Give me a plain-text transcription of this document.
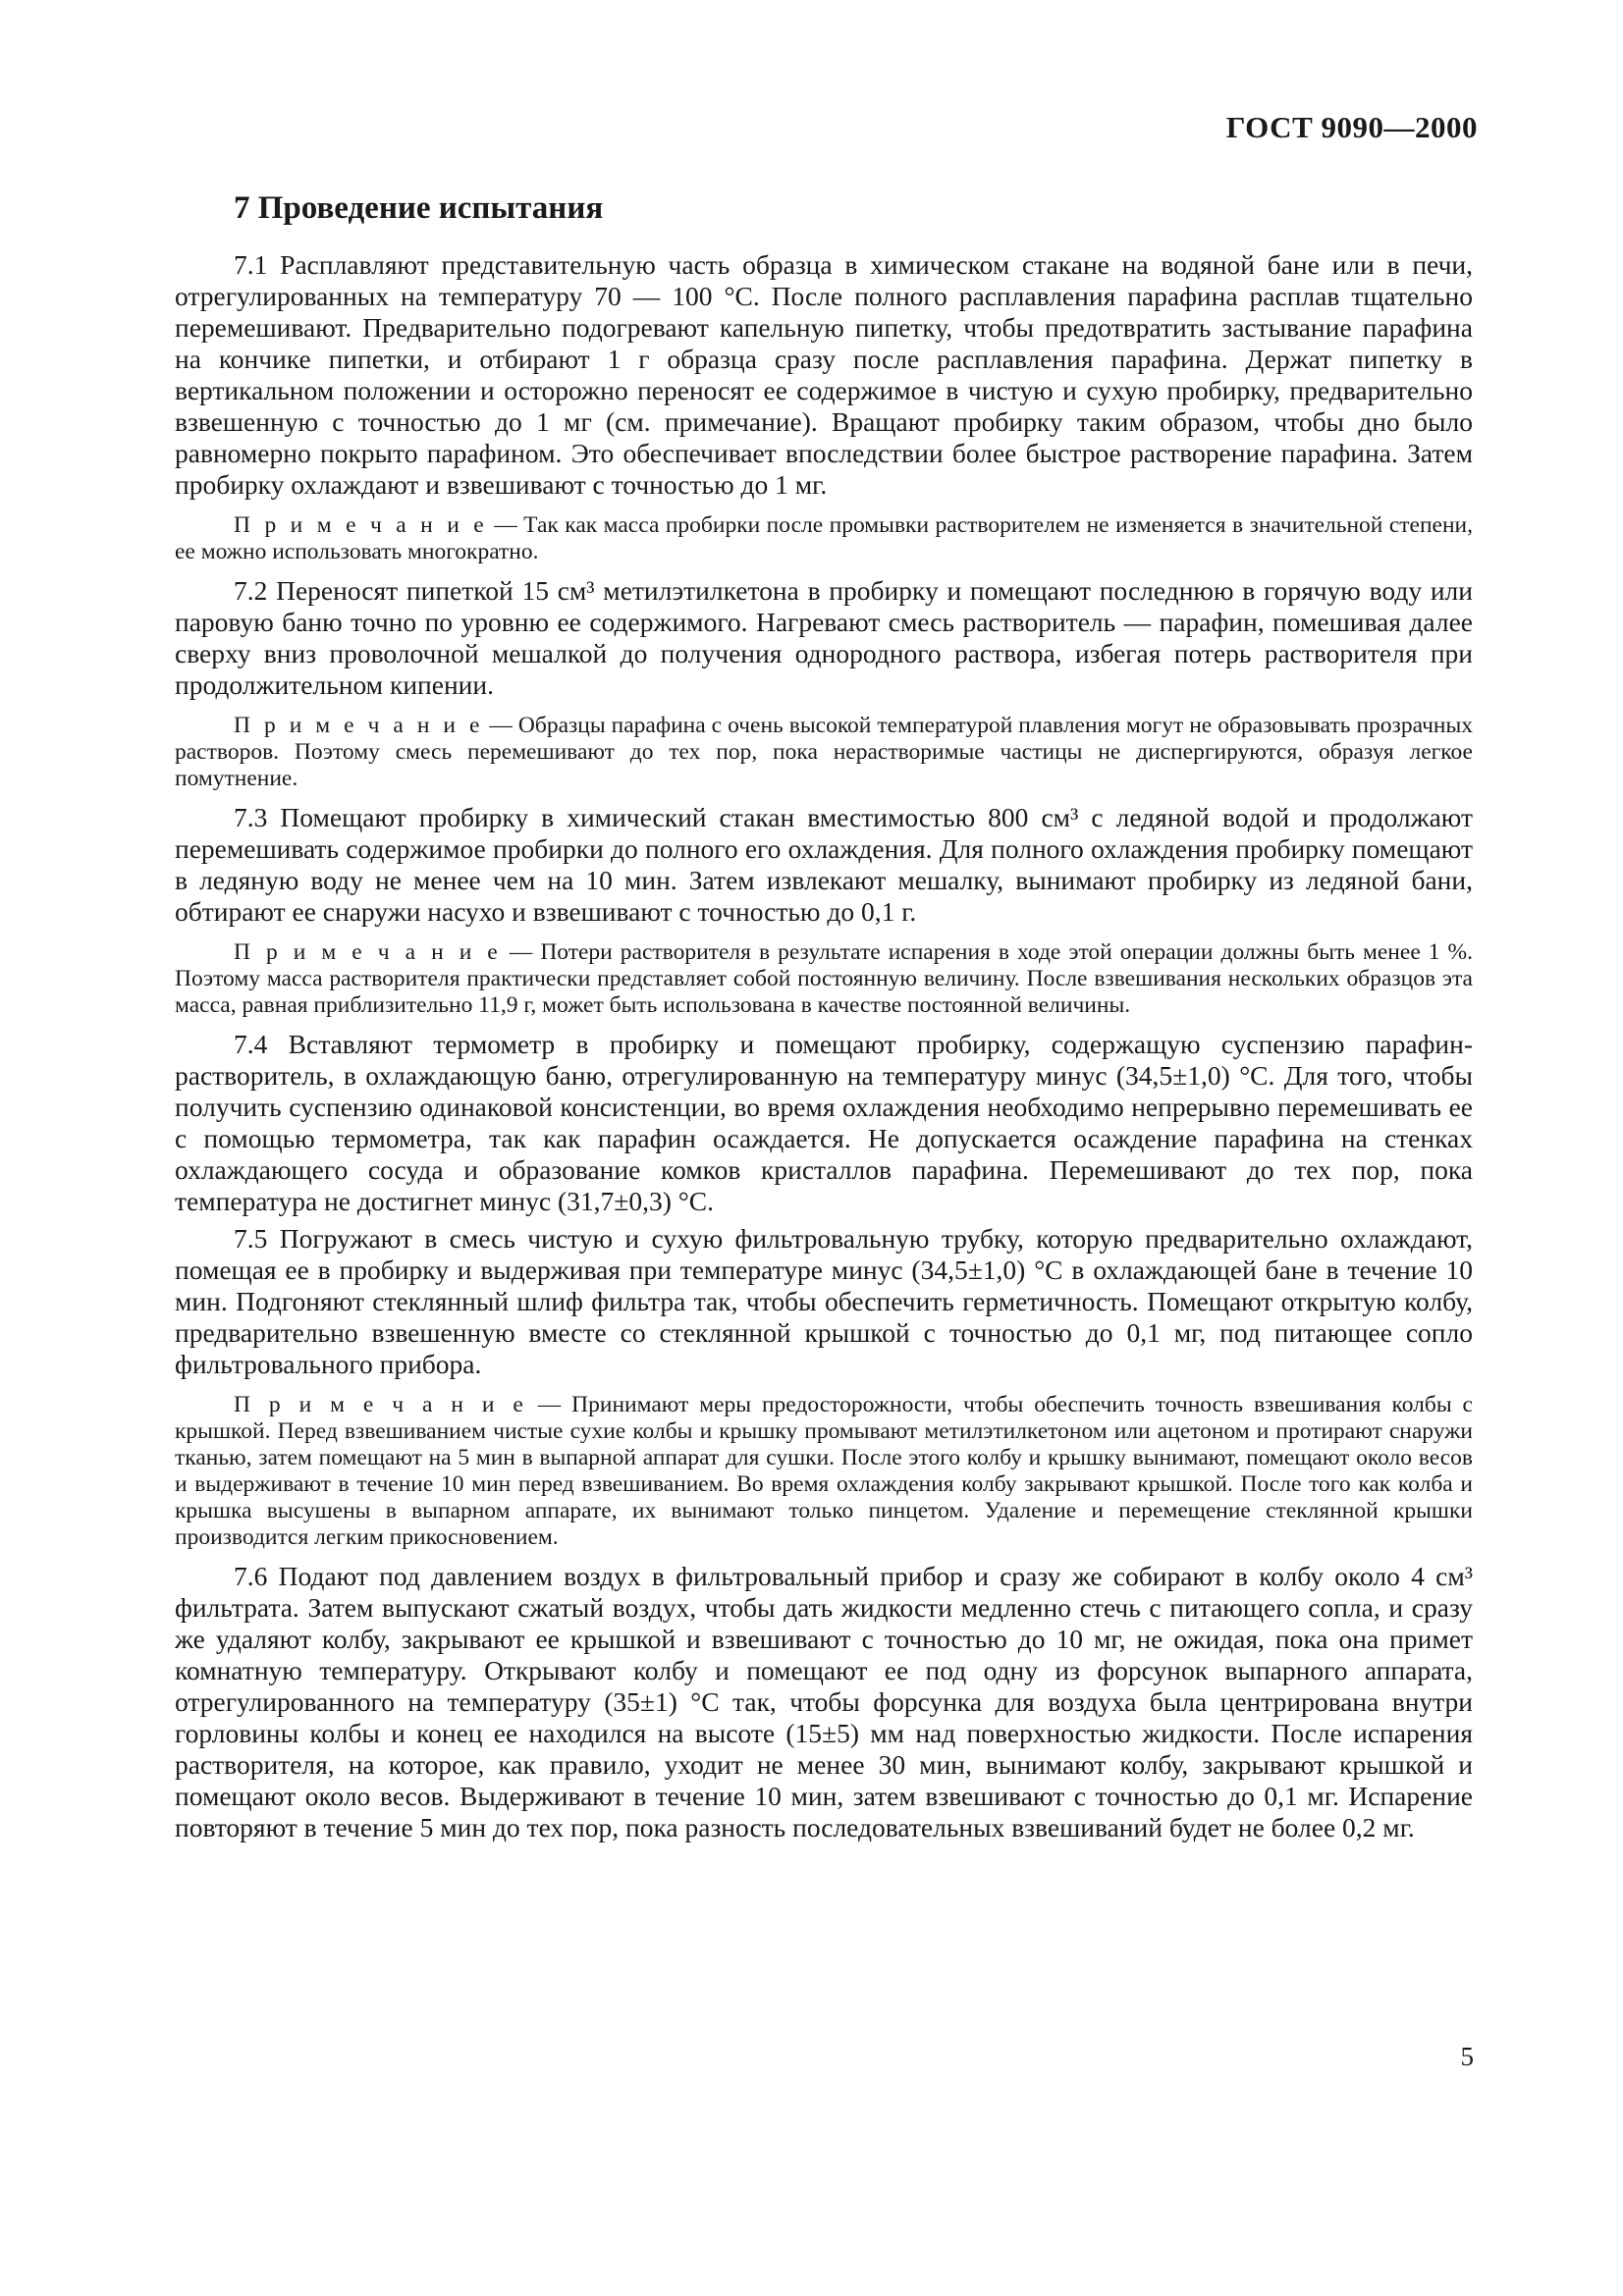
ГОСТ 9090—2000
7 Проведение испытания

7.1 Расплавляют представительную часть образца в химическом стакане на водяной бане или в печи, отрегулированных на температуру 70 — 100 °С. После полного расплавления парафина расплав тщательно перемешивают. Предварительно подогревают капельную пипетку, чтобы предотвратить застывание парафина на кончике пипетки, и отбирают 1 г образца сразу после расплавления парафина. Держат пипетку в вертикальном положении и осторожно переносят ее содержимое в чистую и сухую пробирку, предварительно взвешенную с точностью до 1 мг (см. примечание). Вращают пробирку таким образом, чтобы дно было равномерно покрыто парафином. Это обеспечивает впоследствии более быстрое растворение парафина. Затем пробирку охлаждают и взвешивают с точностью до 1 мг.

П р и м е ч а н и е — Так как масса пробирки после промывки растворителем не изменяется в значительной степени, ее можно использовать многократно.

7.2 Переносят пипеткой 15 см³ метилэтилкетона в пробирку и помещают последнюю в горячую воду или паровую баню точно по уровню ее содержимого. Нагревают смесь растворитель — парафин, помешивая далее сверху вниз проволочной мешалкой до получения однородного раствора, избегая потерь растворителя при продолжительном кипении.

П р и м е ч а н и е — Образцы парафина с очень высокой температурой плавления могут не образовывать прозрачных растворов. Поэтому смесь перемешивают до тех пор, пока нерастворимые частицы не диспергируются, образуя легкое помутнение.

7.3 Помещают пробирку в химический стакан вместимостью 800 см³ с ледяной водой и продолжают перемешивать содержимое пробирки до полного его охлаждения. Для полного охлаждения пробирку помещают в ледяную воду не менее чем на 10 мин. Затем извлекают мешалку, вынимают пробирку из ледяной бани, обтирают ее снаружи насухо и взвешивают с точностью до 0,1 г.

П р и м е ч а н и е — Потери растворителя в результате испарения в ходе этой операции должны быть менее 1 %. Поэтому масса растворителя практически представляет собой постоянную величину. После взвешивания нескольких образцов эта масса, равная приблизительно 11,9 г, может быть использована в качестве постоянной величины.

7.4 Вставляют термометр в пробирку и помещают пробирку, содержащую суспензию парафин-растворитель, в охлаждающую баню, отрегулированную на температуру минус (34,5±1,0) °С. Для того, чтобы получить суспензию одинаковой консистенции, во время охлаждения необходимо непрерывно перемешивать ее с помощью термометра, так как парафин осаждается. Не допускается осаждение парафина на стенках охлаждающего сосуда и образование комков кристаллов парафина. Перемешивают до тех пор, пока температура не достигнет минус (31,7±0,3) °С.

7.5 Погружают в смесь чистую и сухую фильтровальную трубку, которую предварительно охлаждают, помещая ее в пробирку и выдерживая при температуре минус (34,5±1,0) °С в охлаждающей бане в течение 10 мин. Подгоняют стеклянный шлиф фильтра так, чтобы обеспечить герметичность. Помещают открытую колбу, предварительно взвешенную вместе со стеклянной крышкой с точностью до 0,1 мг, под питающее сопло фильтровального прибора.

П р и м е ч а н и е — Принимают меры предосторожности, чтобы обеспечить точность взвешивания колбы с крышкой. Перед взвешиванием чистые сухие колбы и крышку промывают метилэтилкетоном или ацетоном и протирают снаружи тканью, затем помещают на 5 мин в выпарной аппарат для сушки. После этого колбу и крышку вынимают, помещают около весов и выдерживают в течение 10 мин перед взвешиванием. Во время охлаждения колбу закрывают крышкой. После того как колба и крышка высушены в выпарном аппарате, их вынимают только пинцетом. Удаление и перемещение стеклянной крышки производится легким прикосновением.

7.6 Подают под давлением воздух в фильтровальный прибор и сразу же собирают в колбу около 4 см³ фильтрата. Затем выпускают сжатый воздух, чтобы дать жидкости медленно стечь с питающего сопла, и сразу же удаляют колбу, закрывают ее крышкой и взвешивают с точностью до 10 мг, не ожидая, пока она примет комнатную температуру. Открывают колбу и помещают ее под одну из форсунок выпарного аппарата, отрегулированного на температуру (35±1) °С так, чтобы форсунка для воздуха была центрирована внутри горловины колбы и конец ее находился на высоте (15±5) мм над поверхностью жидкости. После испарения растворителя, на которое, как правило, уходит не менее 30 мин, вынимают колбу, закрывают крышкой и помещают около весов. Выдерживают в течение 10 мин, затем взвешивают с точностью до 0,1 мг. Испарение повторяют в течение 5 мин до тех пор, пока разность последовательных взвешиваний будет не более 0,2 мг.

5
